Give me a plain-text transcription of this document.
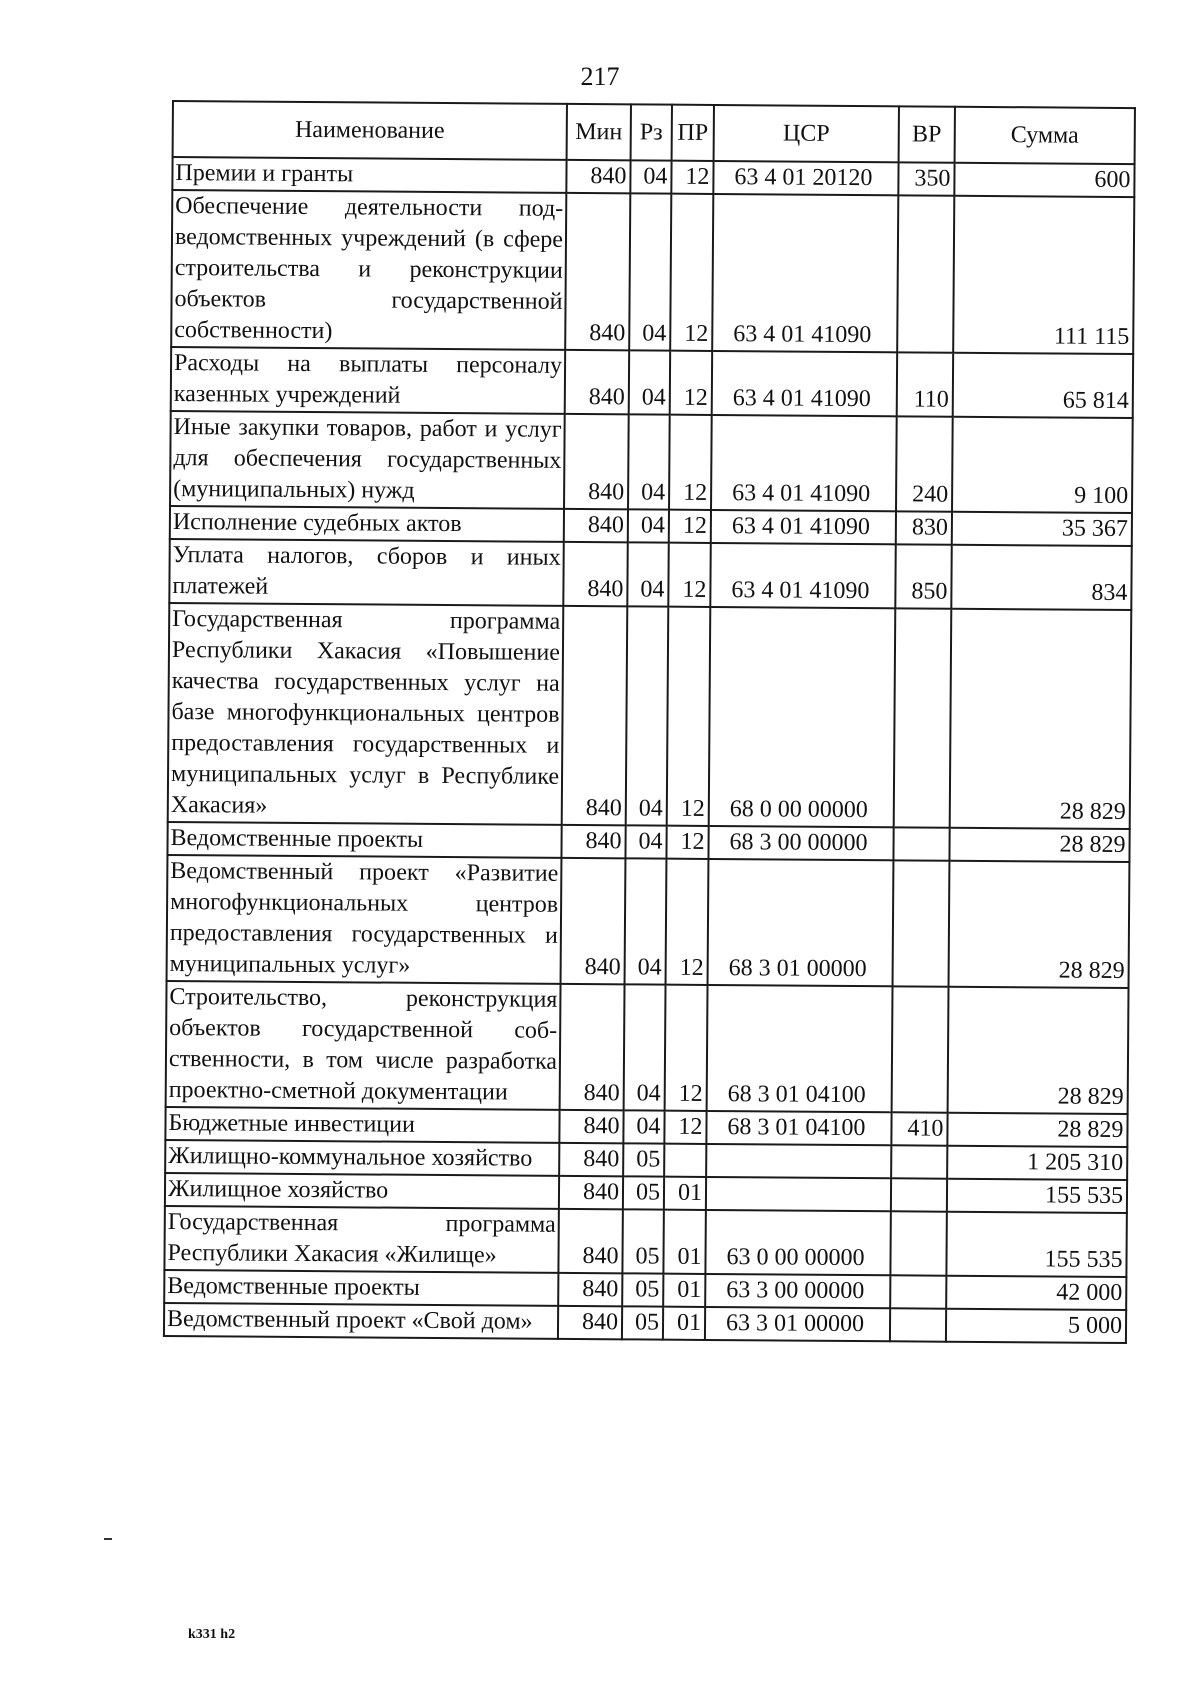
217
Наименование	Мин	Рз	ПР	ЦСР	ВР	Сумма
Премии и гранты	840	04	12	63 4 01 20120	350	600
Обеспечение деятельности подведомственных учреждений (в сфере строительства и реконструкции объектов государственной собственности)	840	04	12	63 4 01 41090		111 115
Расходы на выплаты персоналу казенных учреждений	840	04	12	63 4 01 41090	110	65 814
Иные закупки товаров, работ и услуг для обеспечения государственных (муниципальных) нужд	840	04	12	63 4 01 41090	240	9 100
Исполнение судебных актов	840	04	12	63 4 01 41090	830	35 367
Уплата налогов, сборов и иных платежей	840	04	12	63 4 01 41090	850	834
Государственная программа Республики Хакасия «Повышение качества государственных услуг на базе многофункциональных центров предоставления государственных и муниципальных услуг в Республике Хакасия»	840	04	12	68 0 00 00000		28 829
Ведомственные проекты	840	04	12	68 3 00 00000		28 829
Ведомственный проект «Развитие многофункциональных центров предоставления государственных и муниципальных услуг»	840	04	12	68 3 01 00000		28 829
Строительство, реконструкция объектов государственной собственности, в том числе разработка проектно-сметной документации	840	04	12	68 3 01 04100		28 829
Бюджетные инвестиции	840	04	12	68 3 01 04100	410	28 829
Жилищно-коммунальное хозяйство	840	05				1 205 310
Жилищное хозяйство	840	05	01			155 535
Государственная программа Республики Хакасия «Жилище»	840	05	01	63 0 00 00000		155 535
Ведомственные проекты	840	05	01	63 3 00 00000		42 000
Ведомственный проект «Свой дом»	840	05	01	63 3 01 00000		5 000
k331 h2
